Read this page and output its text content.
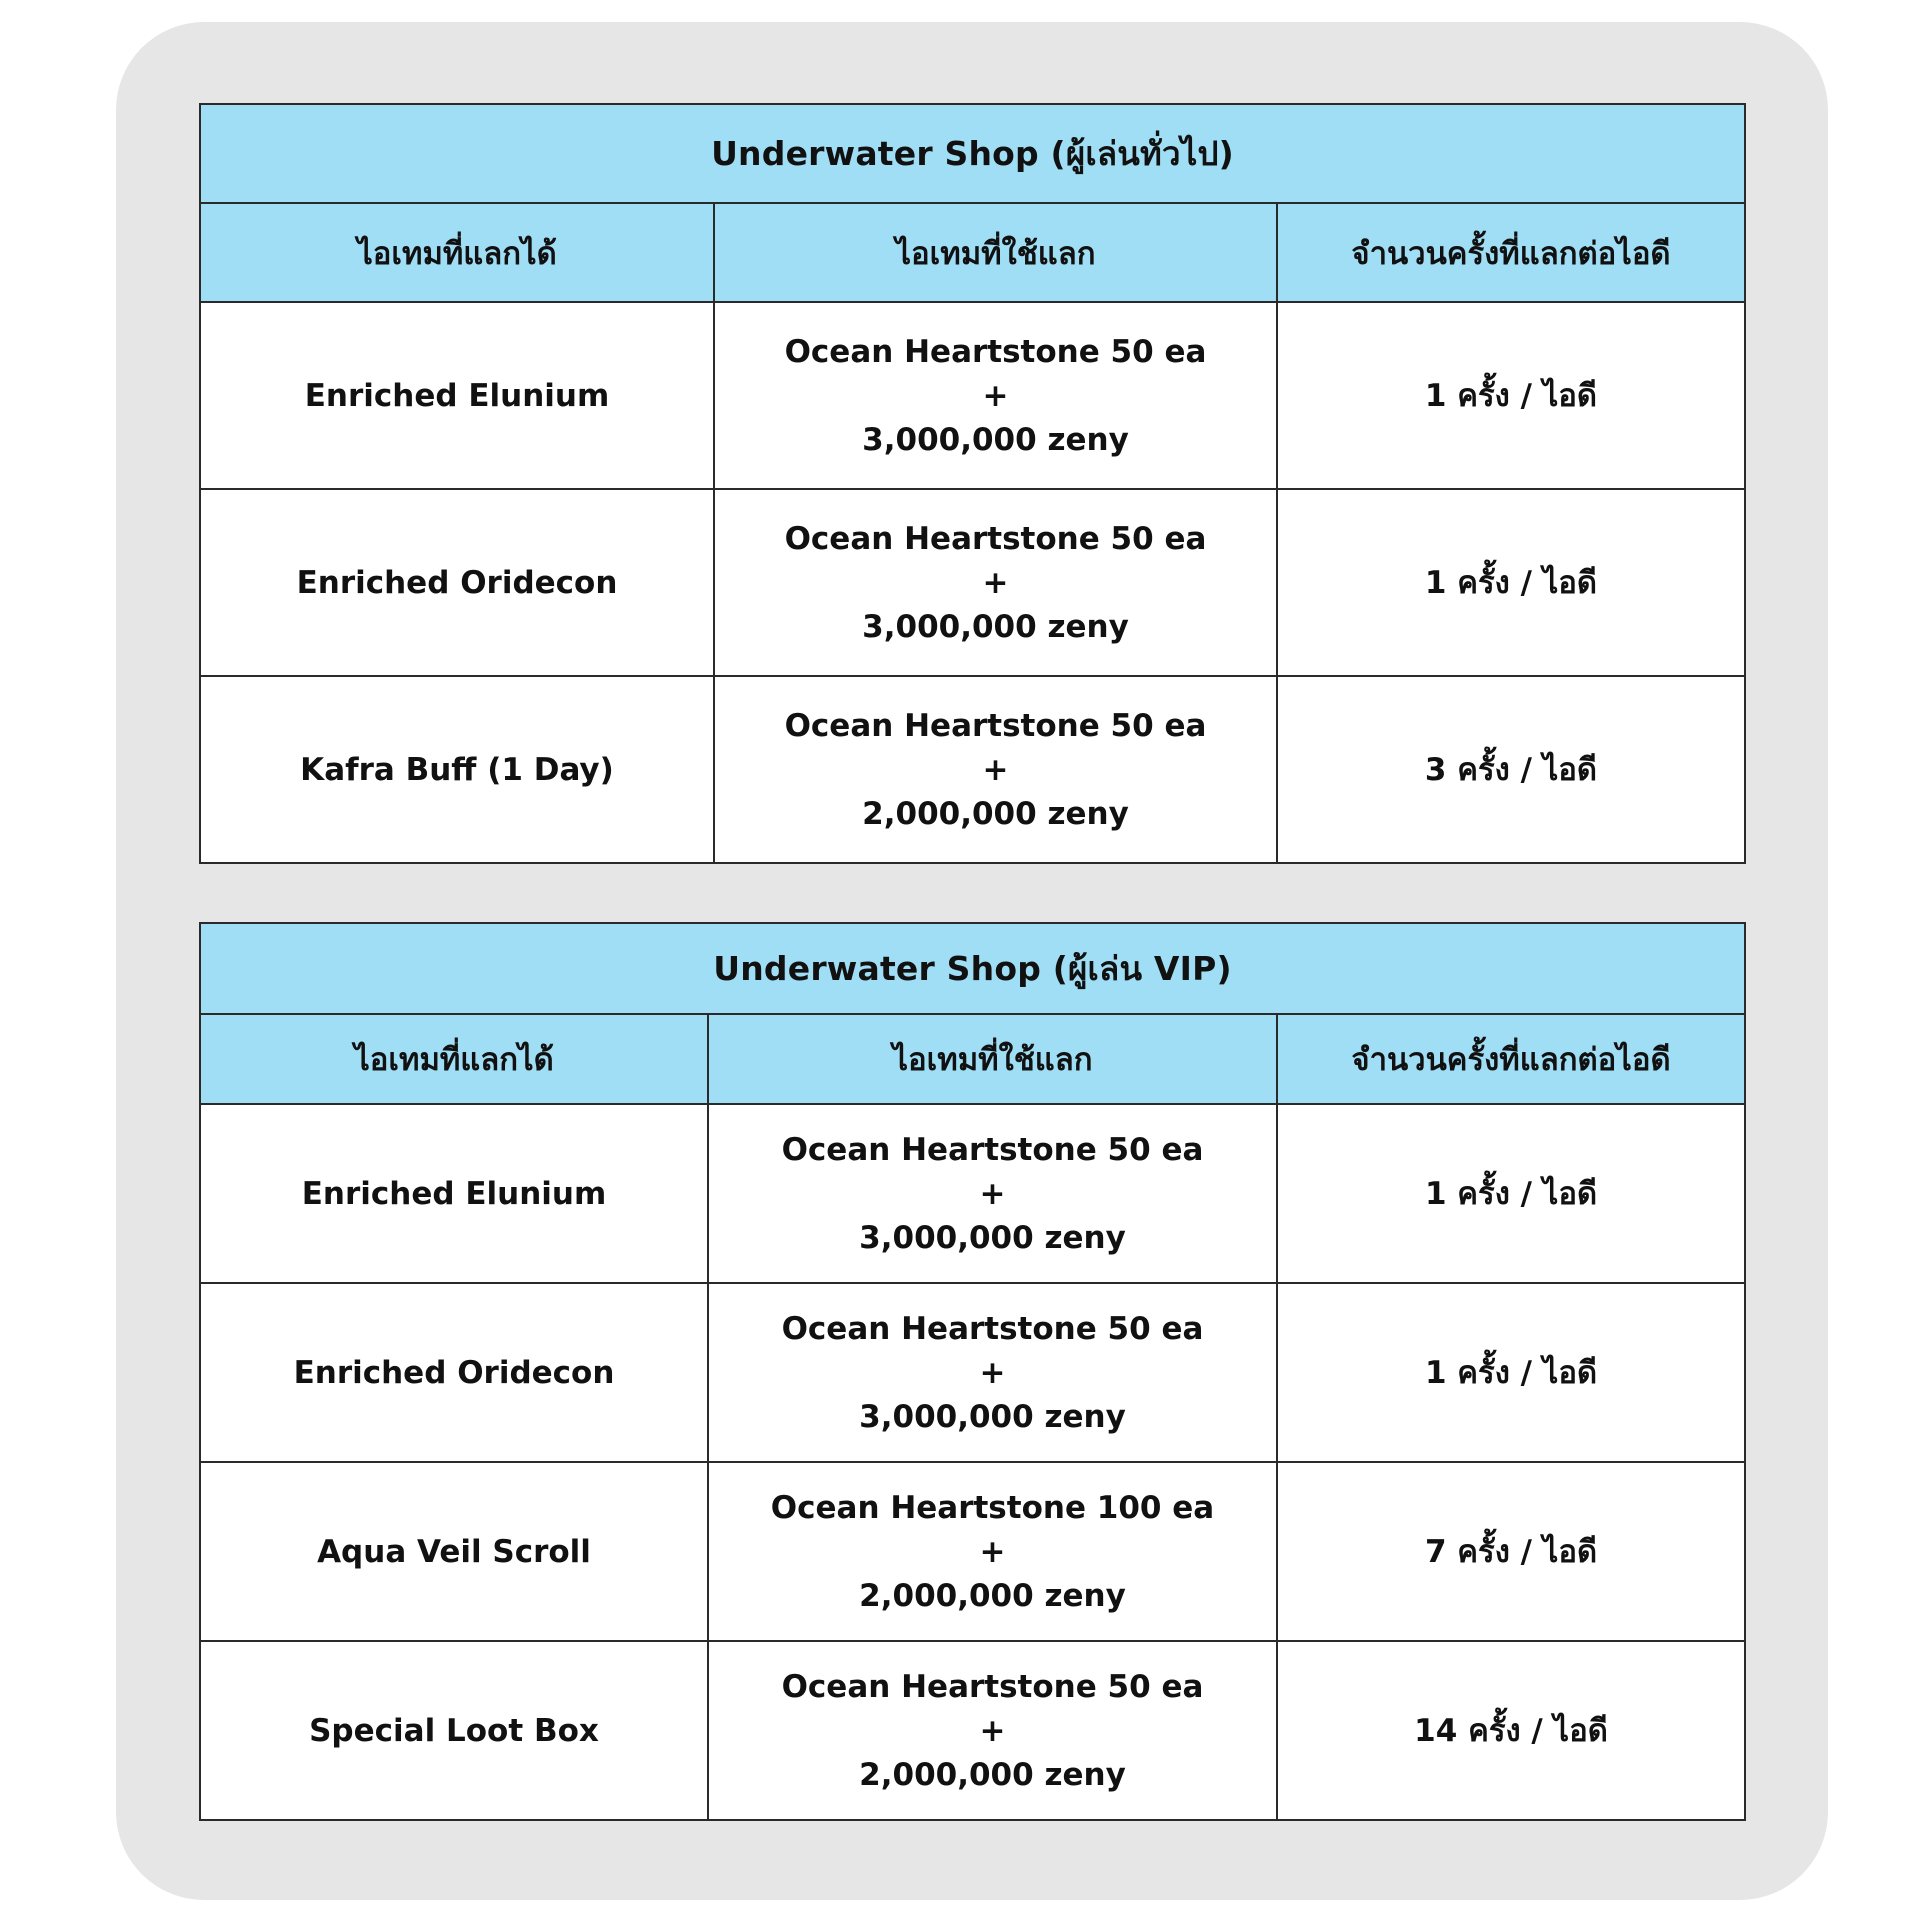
Underwater Shop (ผู้เล่นทั่วไป)		
ไอเทมที่แลกได้	ไอเทมที่ใช้แลก	จำนวนครั้งที่แลกต่อไอดี
Enriched Elunium	Ocean Heartstone 50 ea
+
3,000,000 zeny	1 ครั้ง / ไอดี
Enriched Oridecon	Ocean Heartstone 50 ea
+
3,000,000 zeny	1 ครั้ง / ไอดี
Kafra Buff (1 Day)	Ocean Heartstone 50 ea
+
2,000,000 zeny	3 ครั้ง / ไอดี
Underwater Shop (ผู้เล่น VIP)		
ไอเทมที่แลกได้	ไอเทมที่ใช้แลก	จำนวนครั้งที่แลกต่อไอดี
Enriched Elunium	Ocean Heartstone 50 ea
+
3,000,000 zeny	1 ครั้ง / ไอดี
Enriched Oridecon	Ocean Heartstone 50 ea
+
3,000,000 zeny	1 ครั้ง / ไอดี
Aqua Veil Scroll	Ocean Heartstone 100 ea
+
2,000,000 zeny	7 ครั้ง / ไอดี
Special Loot Box	Ocean Heartstone 50 ea
+
2,000,000 zeny	14 ครั้ง / ไอดี
